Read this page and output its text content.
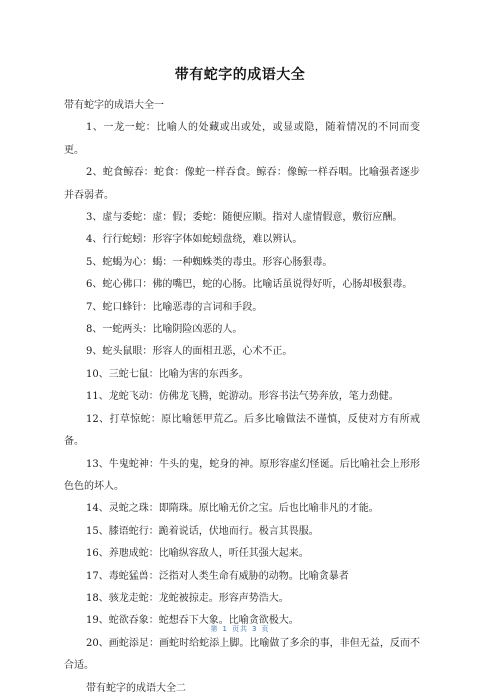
带有蛇字的成语大全

带有蛇字的成语大全一

1、一龙一蛇：比喻人的处藏或出或处，或显或隐，随着情况的不同而变更。

2、蛇食鲸吞：蛇食：像蛇一样吞食。鲸吞：像鲸一样吞咽。比喻强者逐步并吞弱者。

3、虚与委蛇：虚：假；委蛇：随便应顺。指对人虚情假意，敷衍应酬。

4、行行蛇蚓：形容字体如蛇蚓盘绕，难以辨认。

5、蛇蝎为心：蝎：一种蜘蛛类的毒虫。形容心肠狠毒。

6、蛇心佛口：佛的嘴巴，蛇的心肠。比喻话虽说得好听，心肠却极狠毒。

7、蛇口蜂针：比喻恶毒的言词和手段。

8、一蛇两头：比喻阴险凶恶的人。

9、蛇头鼠眼：形容人的面相丑恶，心术不正。

10、三蛇七鼠：比喻为害的东西多。

11、龙蛇飞动：仿佛龙飞腾，蛇游动。形容书法气势奔放，笔力劲健。

12、打草惊蛇：原比喻惩甲荒乙。后多比喻做法不谨慎，反使对方有所戒备。

13、牛鬼蛇神：牛头的鬼，蛇身的神。原形容虚幻怪诞。后比喻社会上形形色色的坏人。

14、灵蛇之珠：即隋珠。原比喻无价之宝。后也比喻非凡的才能。

15、膝语蛇行：跪着说话，伏地而行。极言其畏服。

16、养虺成蛇：比喻纵容敌人，听任其强大起来。

17、毒蛇猛兽：泛指对人类生命有威胁的动物。比喻贪暴者

18、骇龙走蛇：龙蛇被掠走。形容声势浩大。

19、蛇欲吞象：蛇想吞下大象。比喻贪欲极大。

20、画蛇添足：画蛇时给蛇添上脚。比喻做了多余的事，非但无益，反而不合适。

带有蛇字的成语大全二

第 1 页共 3 页
